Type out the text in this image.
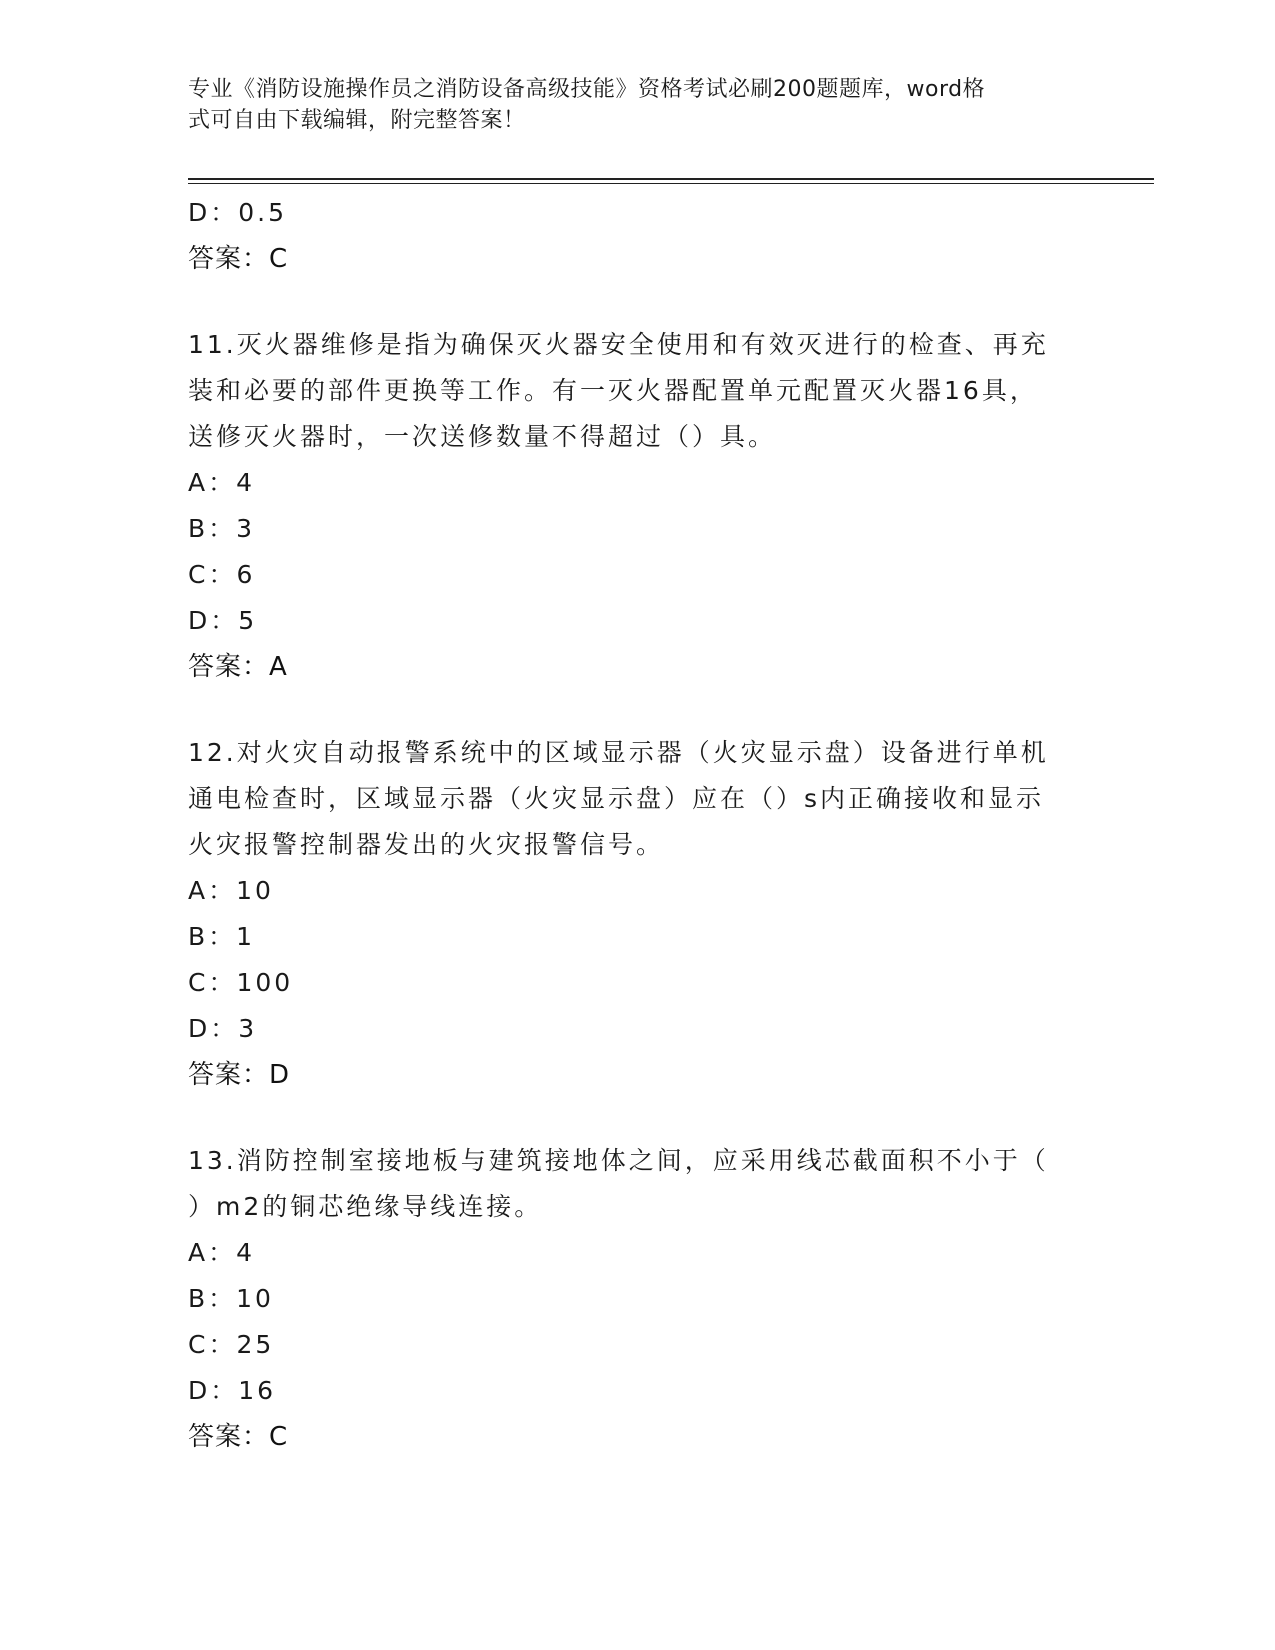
专业《消防设施操作员之消防设备高级技能》资格考试必刷200题题库，word格
式可自由下载编辑，附完整答案！
D：0.5
答案：C
11.灭火器维修是指为确保灭火器安全使用和有效灭进行的检查、再充
装和必要的部件更换等工作。有一灭火器配置单元配置灭火器16具，
送修灭火器时，一次送修数量不得超过（）具。
A：4
B：3
C：6
D：5
答案：A
12.对火灾自动报警系统中的区域显示器（火灾显示盘）设备进行单机
通电检查时，区域显示器（火灾显示盘）应在（）s内正确接收和显示
火灾报警控制器发出的火灾报警信号。
A：10
B：1
C：100
D：3
答案：D
13.消防控制室接地板与建筑接地体之间，应采用线芯截面积不小于（
）m2的铜芯绝缘导线连接。
A：4
B：10
C：25
D：16
答案：C
